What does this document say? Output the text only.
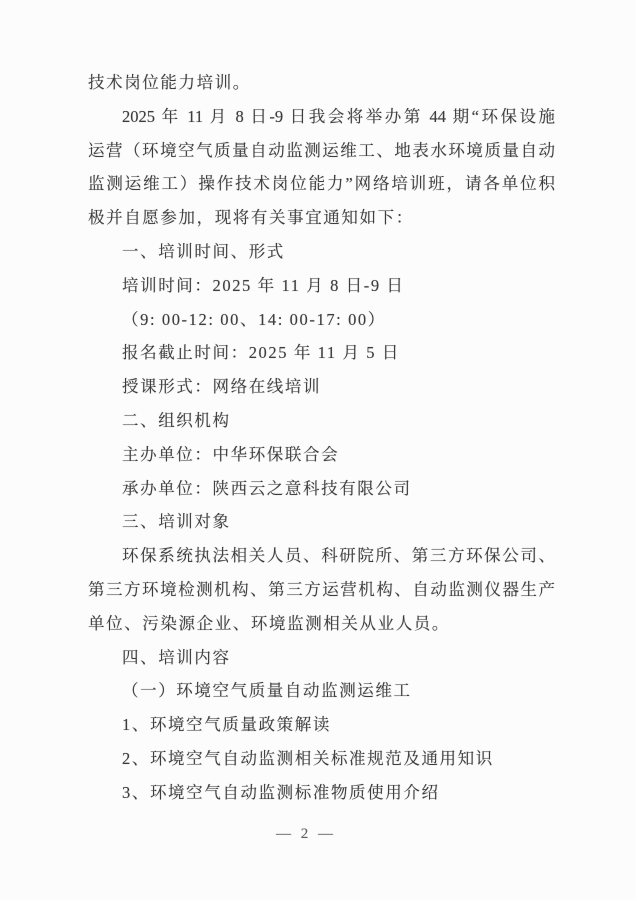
技术岗位能力培训。
2025 年 11 月 8 日-9 日我会将举办第 44 期“环保设施
运营（环境空气质量自动监测运维工、地表水环境质量自动
监测运维工）操作技术岗位能力”网络培训班，请各单位积
极并自愿参加，现将有关事宜通知如下：
一、培训时间、形式
培训时间：2025 年 11 月 8 日-9 日
（9: 00-12: 00、14: 00-17: 00）
报名截止时间：2025 年 11 月 5 日
授课形式：网络在线培训
二、组织机构
主办单位：中华环保联合会
承办单位：陕西云之意科技有限公司
三、培训对象
环保系统执法相关人员、科研院所、第三方环保公司、
第三方环境检测机构、第三方运营机构、自动监测仪器生产
单位、污染源企业、环境监测相关从业人员。
四、培训内容
（一）环境空气质量自动监测运维工
1、环境空气质量政策解读
2、环境空气自动监测相关标准规范及通用知识
3、环境空气自动监测标准物质使用介绍
— 2 —
